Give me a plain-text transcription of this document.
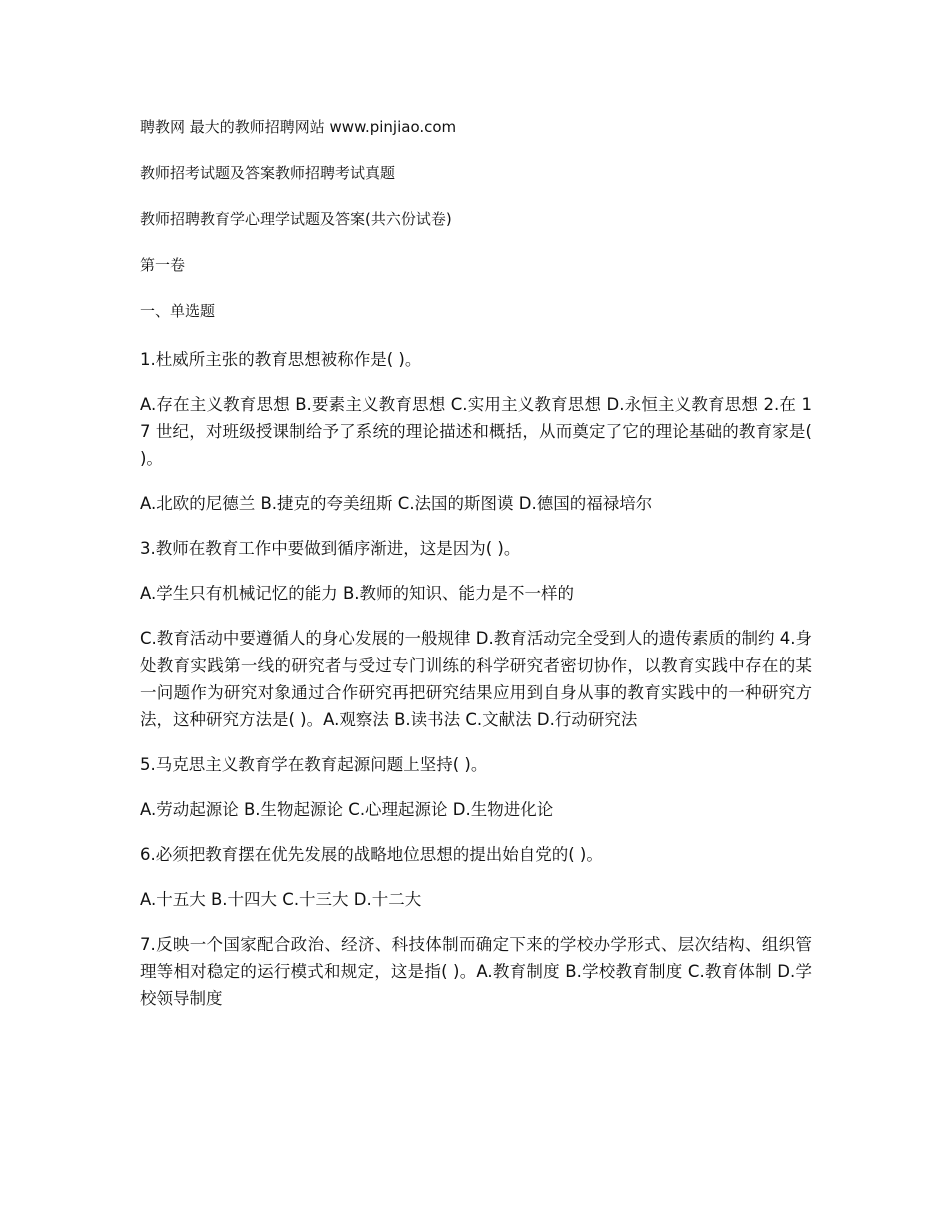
聘教网 最大的教师招聘网站 www.pinjiao.com

教师招考试题及答案教师招聘考试真题

教师招聘教育学心理学试题及答案(共六份试卷)

第一卷

一、单选题

1.杜威所主张的教育思想被称作是( )。

A.存在主义教育思想 B.要素主义教育思想 C.实用主义教育思想 D.永恒主义教育思想 2.在 17 世纪，对班级授课制给予了系统的理论描述和概括，从而奠定了它的理论基础的教育家是( )。

A.北欧的尼德兰 B.捷克的夸美纽斯 C.法国的斯图谟 D.德国的福禄培尔

3.教师在教育工作中要做到循序渐进，这是因为( )。

A.学生只有机械记忆的能力 B.教师的知识、能力是不一样的

C.教育活动中要遵循人的身心发展的一般规律 D.教育活动完全受到人的遗传素质的制约 4.身处教育实践第一线的研究者与受过专门训练的科学研究者密切协作，以教育实践中存在的某一问题作为研究对象通过合作研究再把研究结果应用到自身从事的教育实践中的一种研究方法，这种研究方法是( )。A.观察法 B.读书法 C.文献法 D.行动研究法

5.马克思主义教育学在教育起源问题上坚持( )。

A.劳动起源论 B.生物起源论 C.心理起源论 D.生物进化论

6.必须把教育摆在优先发展的战略地位思想的提出始自党的( )。

A.十五大 B.十四大 C.十三大 D.十二大

7.反映一个国家配合政治、经济、科技体制而确定下来的学校办学形式、层次结构、组织管理等相对稳定的运行模式和规定，这是指( )。A.教育制度 B.学校教育制度 C.教育体制 D.学校领导制度
